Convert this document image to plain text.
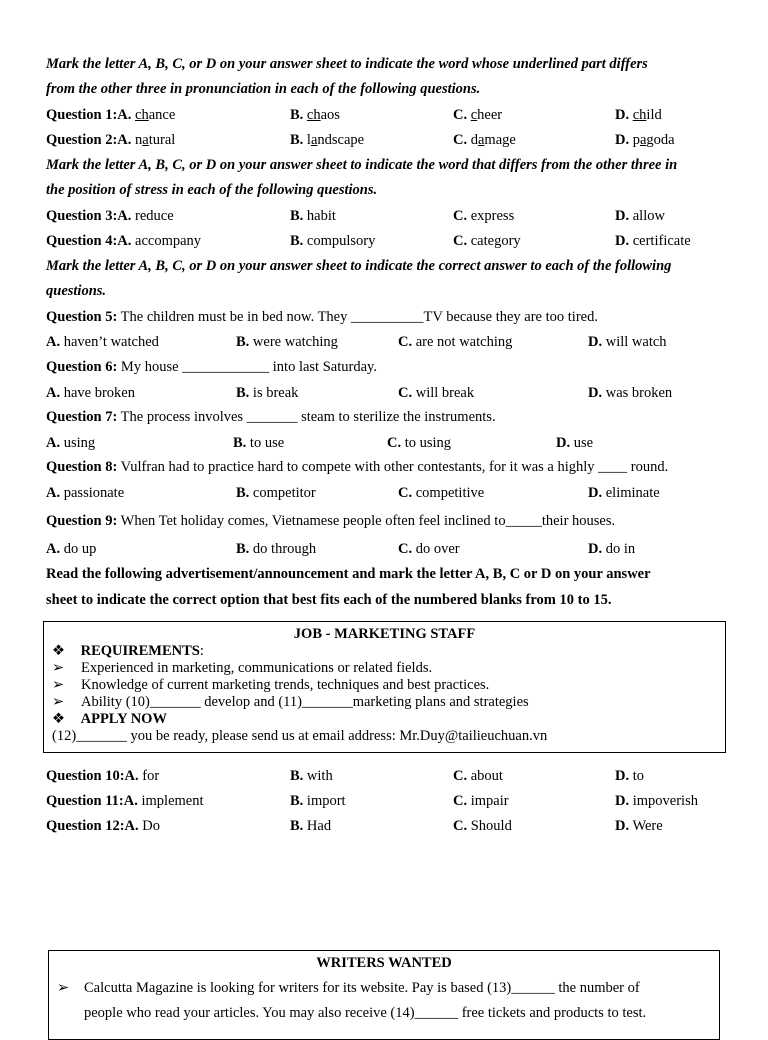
Mark the letter A, B, C, or D on your answer sheet to indicate the word whose underlined part differs
from the other three in pronunciation in each of the following questions.
Question 1:A. chance	B. chaos	C. cheer	D. child
Question 2:A. natural	B. landscape	C. damage	D. pagoda
Mark the letter A, B, C, or D on your answer sheet to indicate the word that differs from the other three in
the position of stress in each of the following questions.
Question 3:A. reduce	B. habit	C. express	D. allow
Question 4:A. accompany	B. compulsory	C. category	D. certificate
Mark the letter A, B, C, or D on your answer sheet to indicate the correct answer to each of the following
questions.
Question 5: The children must be in bed now. They __________TV because they are too tired.
A. haven’t watched	B. were watching	C. are not watching	D. will watch
Question 6: My house ____________ into last Saturday.
A. have broken	B. is break	C. will break	D. was broken
Question 7: The process involves _______ steam to sterilize the instruments.
A. using	B. to use	C. to using	D. use
Question 8: Vulfran had to practice hard to compete with other contestants, for it was a highly ____ round.
A. passionate	B. competitor	C. competitive	D. eliminate
Question 9: When Tet holiday comes, Vietnamese people often feel inclined to_____their houses.
A. do up	B. do through	C. do over	D. do in
Read the following advertisement/announcement and mark the letter A, B, C or D on your answer
sheet to indicate the correct option that best fits each of the numbered blanks from 10 to 15.
JOB - MARKETING STAFF
❖ REQUIREMENTS:
➢ Experienced in marketing, communications or related fields.
➢ Knowledge of current marketing trends, techniques and best practices.
➢ Ability (10)_______ develop and (11)_______marketing plans and strategies
❖ APPLY NOW
(12)_______ you be ready, please send us at email address: Mr.Duy@tailieuchuan.vn
Question 10:A. for	B. with	C. about	D. to
Question 11:A. implement	B. import	C. impair	D. impoverish
Question 12:A. Do	B. Had	C. Should	D. Were
WRITERS WANTED
➢ Calcutta Magazine is looking for writers for its website. Pay is based (13)______ the number of
people who read your articles. You may also receive (14)______ free tickets and products to test.
